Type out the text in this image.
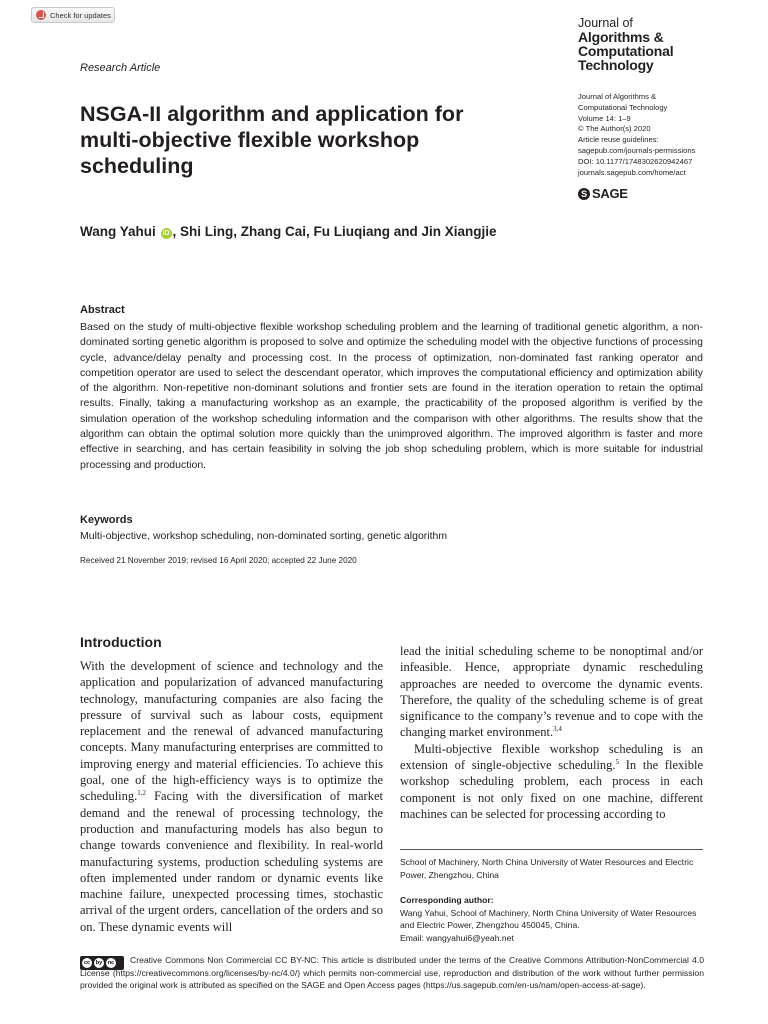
Check for updates
Journal of
Algorithms &
Computational
Technology
Research Article
Journal of Algorithms &
Computational Technology
Volume 14: 1–9
© The Author(s) 2020
Article reuse guidelines:
sagepub.com/journals-permissions
DOI: 10.1177/1748302620942467
journals.sagepub.com/home/act
S SAGE
NSGA-II algorithm and application for multi-objective flexible workshop scheduling
Wang Yahui iD , Shi Ling, Zhang Cai, Fu Liuqiang and Jin Xiangjie
Abstract

Based on the study of multi-objective flexible workshop scheduling problem and the learning of traditional genetic algorithm, a non-dominated sorting genetic algorithm is proposed to solve and optimize the scheduling model with the objective functions of processing cycle, advance/delay penalty and processing cost. In the process of optimization, non-dominated fast ranking operator and competition operator are used to select the descendant operator, which improves the computational efficiency and optimization ability of the algorithm. Non-repetitive non-dominant solutions and frontier sets are found in the iteration operation to retain the optimal results. Finally, taking a manufacturing workshop as an example, the practicability of the proposed algorithm is verified by the simulation operation of the workshop scheduling information and the comparison with other algorithms. The results show that the algorithm can obtain the optimal solution more quickly than the unimproved algorithm. The improved algorithm is faster and more effective in searching, and has certain feasibility in solving the job shop scheduling problem, which is more suitable for industrial processing and production.

Keywords
Multi-objective, workshop scheduling, non-dominated sorting, genetic algorithm
Received 21 November 2019; revised 16 April 2020; accepted 22 June 2020
Introduction

With the development of science and technology and the application and popularization of advanced manufacturing technology, manufacturing companies are also facing the pressure of survival such as labour costs, equipment replacement and the renewal of advanced manufacturing concepts. Many manufacturing enterprises are committed to improving energy and material efficiencies. To achieve this goal, one of the high-efficiency ways is to optimize the scheduling.$^{1,2}$ Facing with the diversification of market demand and the renewal of processing technology, the production and manufacturing models has also begun to change towards convenience and flexibility. In real-world manufacturing systems, production scheduling systems are often implemented under random or dynamic events like machine failure, unexpected processing times, stochastic arrival of the urgent orders, cancellation of the orders and so on. These dynamic events will

lead the initial scheduling scheme to be nonoptimal and/or infeasible. Hence, appropriate dynamic rescheduling approaches are needed to overcome the dynamic events. Therefore, the quality of the scheduling scheme is of great significance to the company’s revenue and to cope with the changing market environment.$^{3,4}$

Multi-objective flexible workshop scheduling is an extension of single-objective scheduling.$^5$ In the flexible workshop scheduling problem, each process in each component is not only fixed on one machine, different machines can be selected for processing according to

School of Machinery, North China University of Water Resources and Electric Power, Zhengzhou, China
Corresponding author:
Wang Yahui, School of Machinery, North China University of Water Resources and Electric Power, Zhengzhou 450045, China.
Email: wangyahui6@yeah.net
cc	by	nc	Creative Commons Non Commercial CC BY-NC: This article is distributed under the terms of the Creative Commons Attribution-NonCommercial 4.0 License (https://creativecommons.org/licenses/by-nc/4.0/) which permits non-commercial use, reproduction and distribution of the work without further permission provided the original work is attributed as specified on the SAGE and Open Access pages (https://us.sagepub.com/en-us/nam/open-access-at-sage).
